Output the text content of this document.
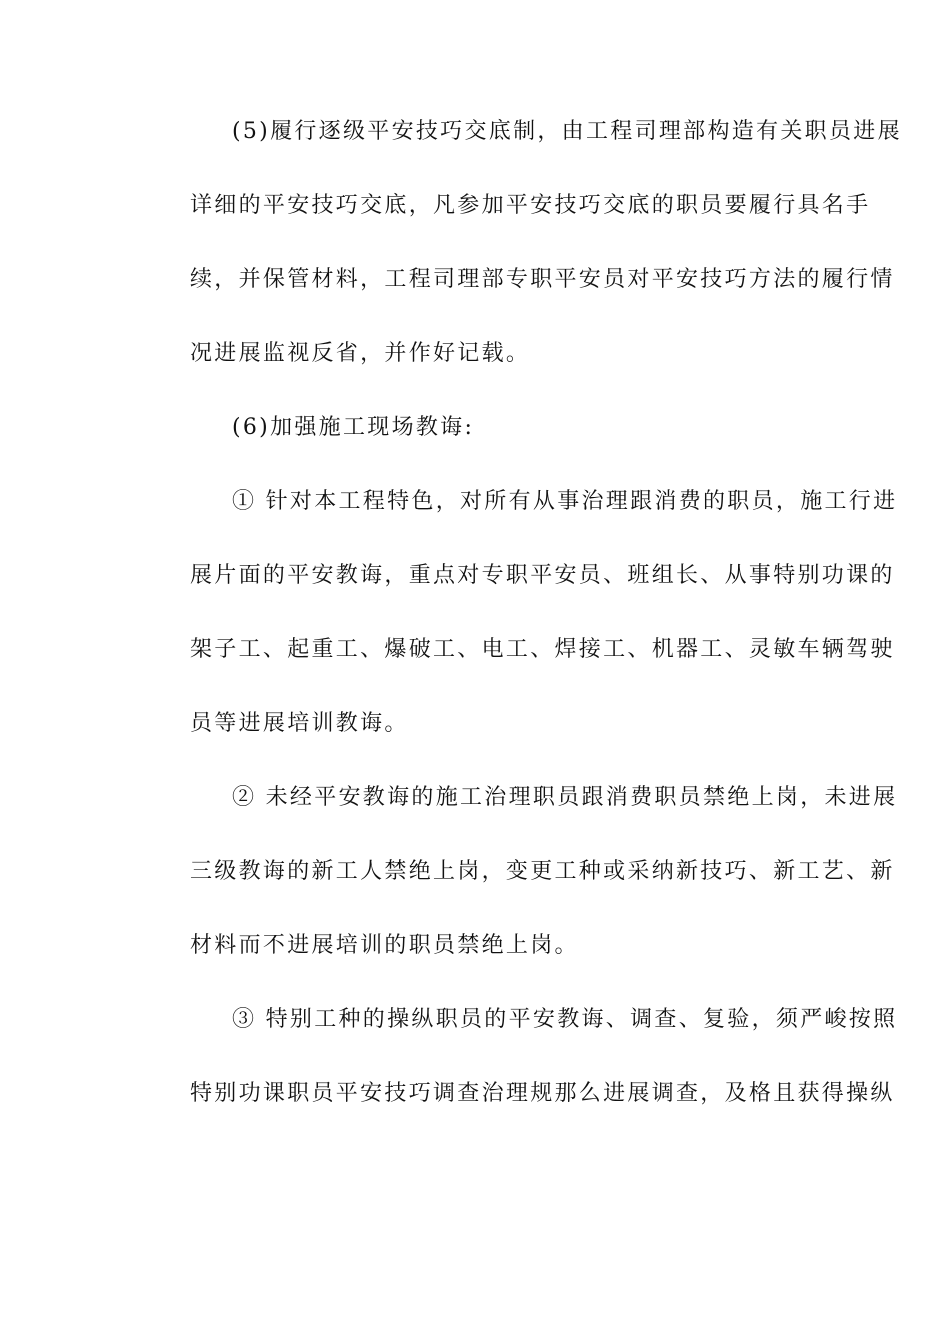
(5)履行逐级平安技巧交底制，由工程司理部构造有关职员进展
详细的平安技巧交底，凡参加平安技巧交底的职员要履行具名手
续，并保管材料，工程司理部专职平安员对平安技巧方法的履行情
况进展监视反省，并作好记载。
(6)加强施工现场教诲:
① 针对本工程特色，对所有从事治理跟消费的职员，施工行进
展片面的平安教诲，重点对专职平安员、班组长、从事特别功课的
架子工、起重工、爆破工、电工、焊接工、机器工、灵敏车辆驾驶
员等进展培训教诲。
② 未经平安教诲的施工治理职员跟消费职员禁绝上岗，未进展
三级教诲的新工人禁绝上岗，变更工种或采纳新技巧、新工艺、新
材料而不进展培训的职员禁绝上岗。
③ 特别工种的操纵职员的平安教诲、调查、复验，须严峻按照
特别功课职员平安技巧调查治理规那么进展调查，及格且获得操纵
